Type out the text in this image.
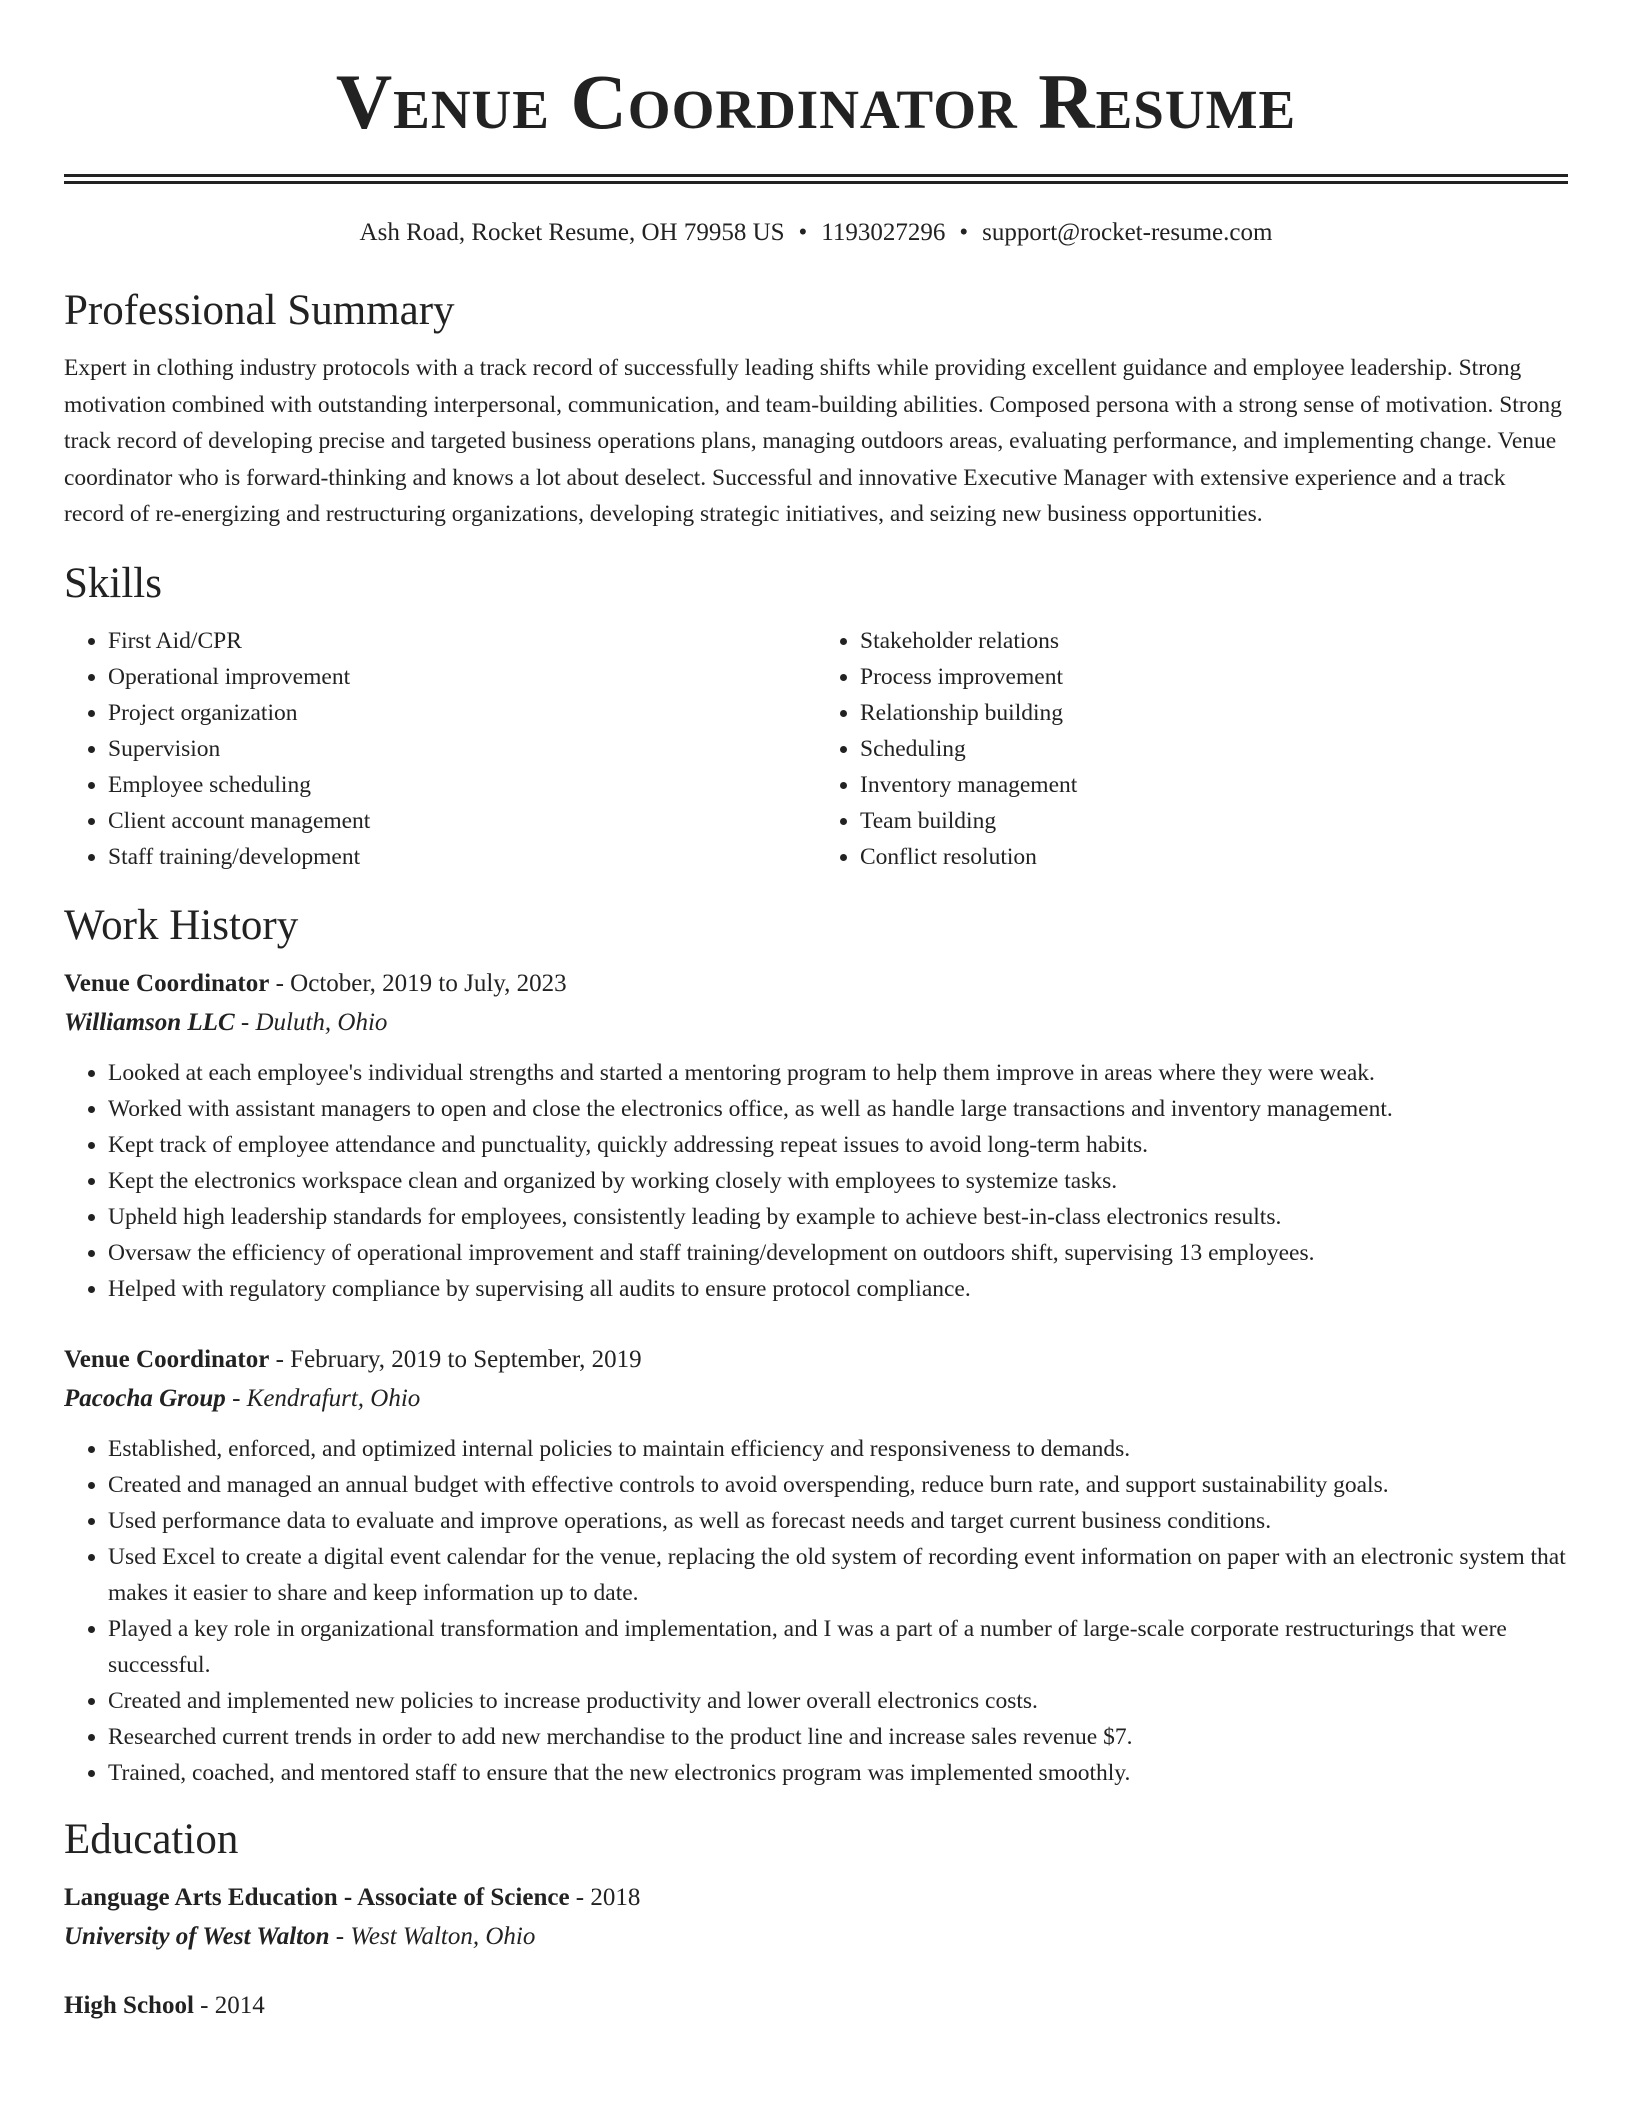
Venue Coordinator Resume
Ash Road, Rocket Resume, OH 79958 US • 1193027296 • support@rocket-resume.com
Professional Summary
Expert in clothing industry protocols with a track record of successfully leading shifts while providing excellent guidance and employee leadership. Strong motivation combined with outstanding interpersonal, communication, and team-building abilities. Composed persona with a strong sense of motivation. Strong track record of developing precise and targeted business operations plans, managing outdoors areas, evaluating performance, and implementing change. Venue coordinator who is forward-thinking and knows a lot about deselect. Successful and innovative Executive Manager with extensive experience and a track record of re-energizing and restructuring organizations, developing strategic initiatives, and seizing new business opportunities.
Skills
• First Aid/CPR
• Operational improvement
• Project organization
• Supervision
• Employee scheduling
• Client account management
• Staff training/development
• Stakeholder relations
• Process improvement
• Relationship building
• Scheduling
• Inventory management
• Team building
• Conflict resolution
Work History
Venue Coordinator - October, 2019 to July, 2023
Williamson LLC - Duluth, Ohio
• Looked at each employee's individual strengths and started a mentoring program to help them improve in areas where they were weak.
• Worked with assistant managers to open and close the electronics office, as well as handle large transactions and inventory management.
• Kept track of employee attendance and punctuality, quickly addressing repeat issues to avoid long-term habits.
• Kept the electronics workspace clean and organized by working closely with employees to systemize tasks.
• Upheld high leadership standards for employees, consistently leading by example to achieve best-in-class electronics results.
• Oversaw the efficiency of operational improvement and staff training/development on outdoors shift, supervising 13 employees.
• Helped with regulatory compliance by supervising all audits to ensure protocol compliance.
Venue Coordinator - February, 2019 to September, 2019
Pacocha Group - Kendrafurt, Ohio
• Established, enforced, and optimized internal policies to maintain efficiency and responsiveness to demands.
• Created and managed an annual budget with effective controls to avoid overspending, reduce burn rate, and support sustainability goals.
• Used performance data to evaluate and improve operations, as well as forecast needs and target current business conditions.
• Used Excel to create a digital event calendar for the venue, replacing the old system of recording event information on paper with an electronic system that makes it easier to share and keep information up to date.
• Played a key role in organizational transformation and implementation, and I was a part of a number of large-scale corporate restructurings that were successful.
• Created and implemented new policies to increase productivity and lower overall electronics costs.
• Researched current trends in order to add new merchandise to the product line and increase sales revenue $7.
• Trained, coached, and mentored staff to ensure that the new electronics program was implemented smoothly.
Education
Language Arts Education - Associate of Science - 2018
University of West Walton - West Walton, Ohio
High School - 2014
